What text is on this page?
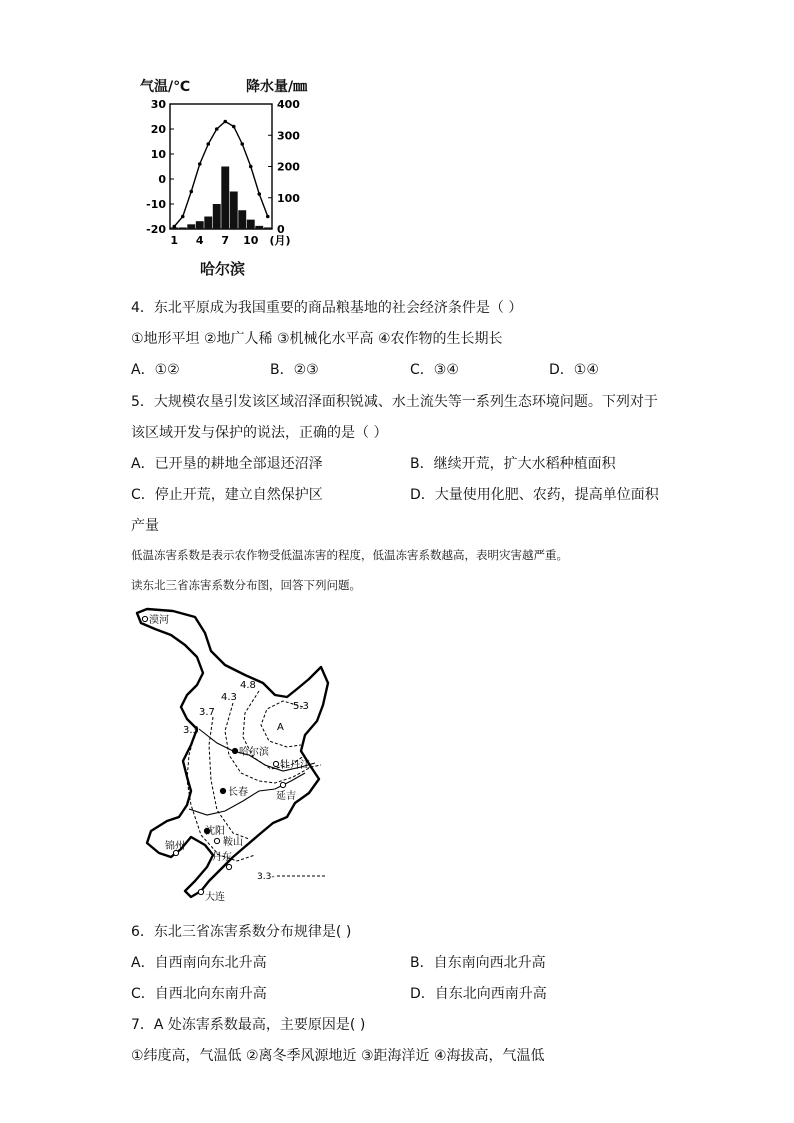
气温/℃	降水量/㎜
30
20
10
0
-10
-20
400
300
200
100
0
1 4 7 10 (月)
哈尔滨
4．东北平原成为我国重要的商品粮基地的社会经济条件是（ ）
①地形平坦 ②地广人稀 ③机械化水平高 ④农作物的生长期长
A．①②	B．②③	C．③④	D．①④
5．大规模农垦引发该区域沼泽面积锐减、水土流失等一系列生态环境问题。下列对于
该区域开发与保护的说法，正确的是（ ）
A．已开垦的耕地全部退还沼泽	B．继续开荒，扩大水稻种植面积
C．停止开荒，建立自然保护区	D．大量使用化肥、农药，提高单位面积
产量
低温冻害系数是表示农作物受低温冻害的程度，低温冻害系数越高，表明灾害越严重。
读东北三省冻害系数分布图，回答下列问题。
漠河
哈尔滨
牡丹江
长春	延吉
沈阳
鞍山
锦州
丹东
大连
A
3.3
3.7
4.3
4.8
5.3
3.3-
6．东北三省冻害系数分布规律是( )
A．自西南向东北升高	B．自东南向西北升高
C．自西北向东南升高	D．自东北向西南升高
7．A 处冻害系数最高，主要原因是( )
①纬度高，气温低 ②离冬季风源地近 ③距海洋近 ④海拔高，气温低
